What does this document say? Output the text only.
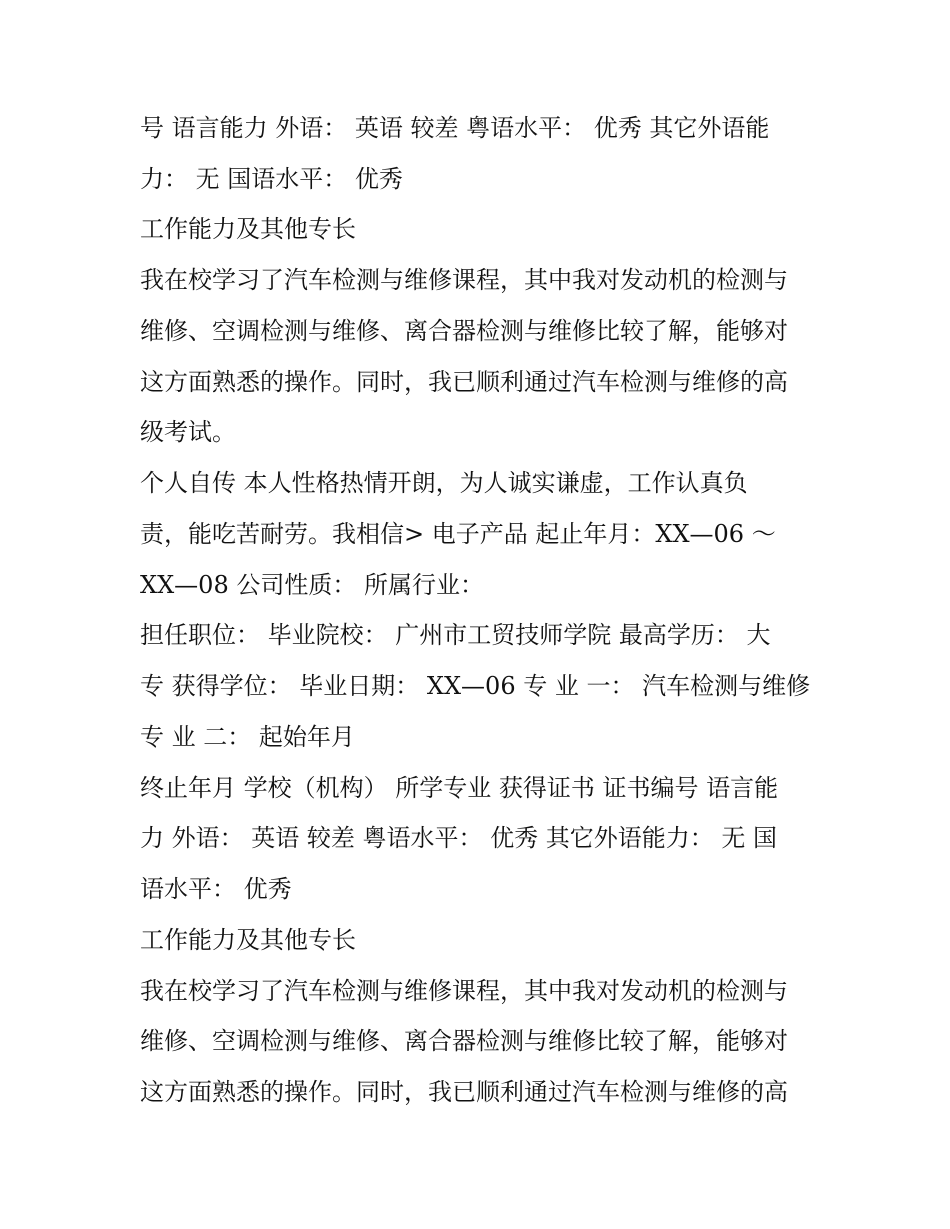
号 语言能力 外语： 英语 较差 粤语水平： 优秀 其它外语能
力： 无 国语水平： 优秀
工作能力及其他专长
我在校学习了汽车检测与维修课程，其中我对发动机的检测与
维修、空调检测与维修、离合器检测与维修比较了解，能够对
这方面熟悉的操作。同时，我已顺利通过汽车检测与维修的高
级考试。
个人自传 本人性格热情开朗，为人诚实谦虚，工作认真负
责，能吃苦耐劳。我相信> 电子产品 起止年月：XX—06 ～
XX—08 公司性质： 所属行业：
担任职位： 毕业院校： 广州市工贸技师学院 最高学历： 大
专 获得学位： 毕业日期： XX—06 专 业 一： 汽车检测与维修
专 业 二： 起始年月
终止年月 学校（机构） 所学专业 获得证书 证书编号 语言能
力 外语： 英语 较差 粤语水平： 优秀 其它外语能力： 无 国
语水平： 优秀
工作能力及其他专长
我在校学习了汽车检测与维修课程，其中我对发动机的检测与
维修、空调检测与维修、离合器检测与维修比较了解，能够对
这方面熟悉的操作。同时，我已顺利通过汽车检测与维修的高
